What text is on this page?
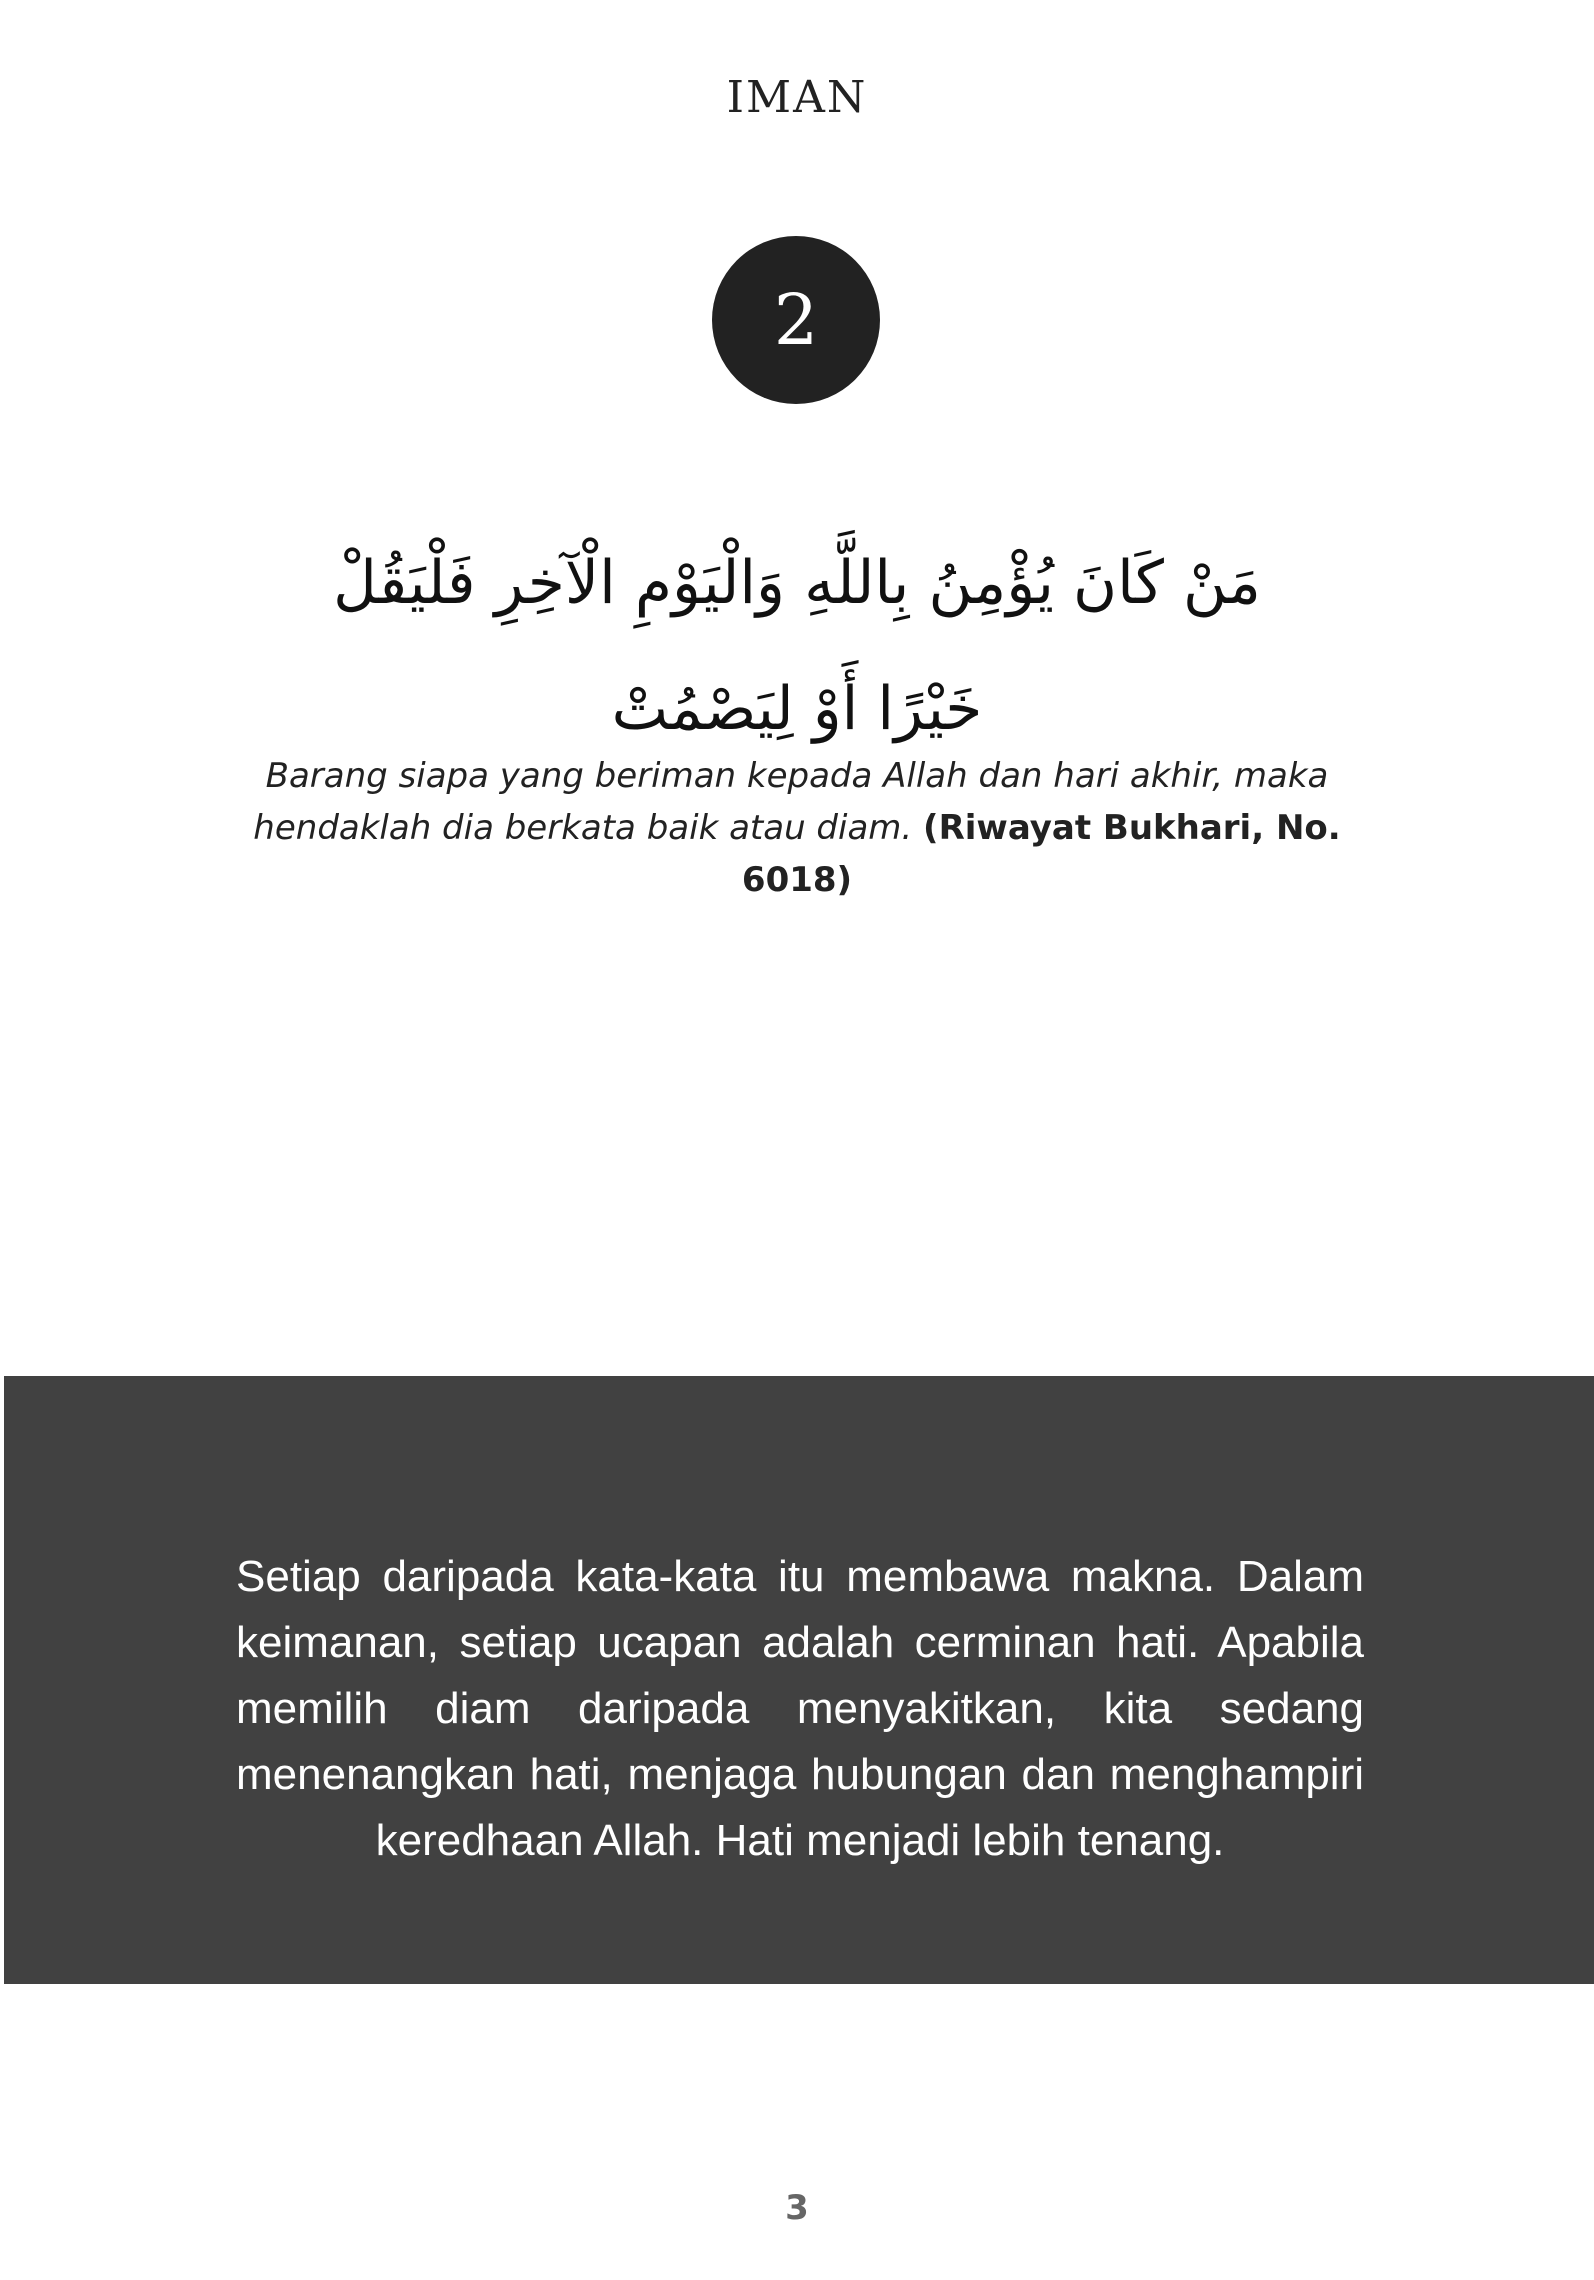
IMAN
2
مَنْ كَانَ يُؤْمِنُ بِاللَّهِ وَالْيَوْمِ الْآخِرِ فَلْيَقُلْ خَيْرًا أَوْ لِيَصْمُتْ
Barang siapa yang beriman kepada Allah dan hari akhir, maka hendaklah dia berkata baik atau diam. (Riwayat Bukhari, No. 6018)
Setiap daripada kata-kata itu membawa makna. Dalam keimanan, setiap ucapan adalah cerminan hati. Apabila memilih diam daripada menyakitkan, kita sedang menenangkan hati, menjaga hubungan dan menghampiri keredhaan Allah. Hati menjadi lebih tenang.
3
